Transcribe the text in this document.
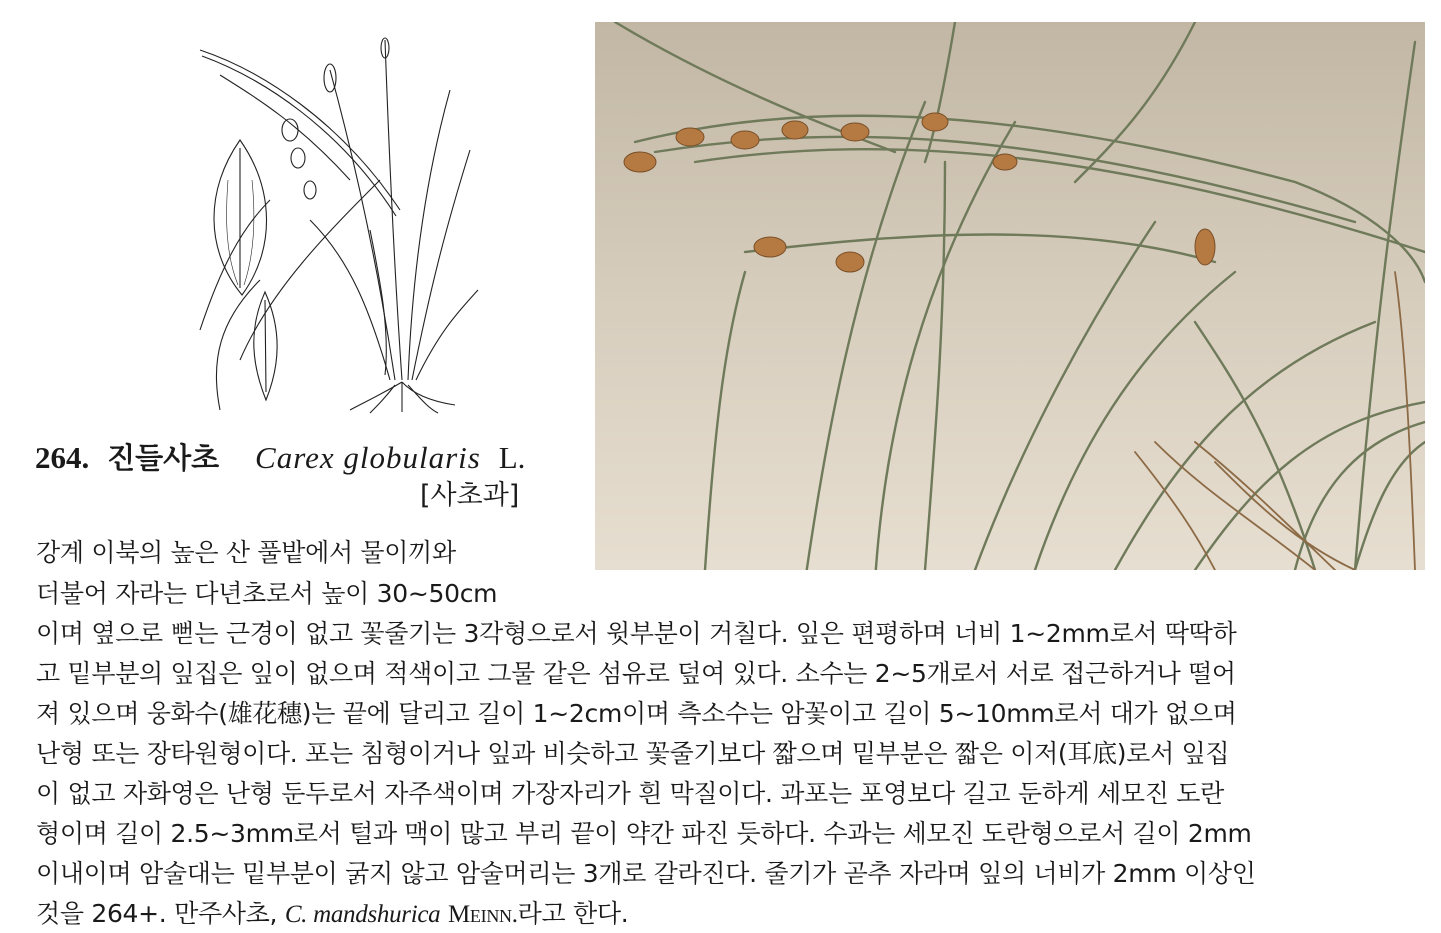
264. 진들사초 Carex globularis L.
[사초과]
강계 이북의 높은 산 풀밭에서 물이끼와
더불어 자라는 다년초로서 높이 30~50cm
이며 옆으로 뻗는 근경이 없고 꽃줄기는 3각형으로서 윗부분이 거칠다. 잎은 편평하며 너비 1~2mm로서 딱딱하
고 밑부분의 잎집은 잎이 없으며 적색이고 그물 같은 섬유로 덮여 있다. 소수는 2~5개로서 서로 접근하거나 떨어
져 있으며 웅화수(雄花穗)는 끝에 달리고 길이 1~2cm이며 측소수는 암꽃이고 길이 5~10mm로서 대가 없으며
난형 또는 장타원형이다. 포는 침형이거나 잎과 비슷하고 꽃줄기보다 짧으며 밑부분은 짧은 이저(耳底)로서 잎집
이 없고 자화영은 난형 둔두로서 자주색이며 가장자리가 흰 막질이다. 과포는 포영보다 길고 둔하게 세모진 도란
형이며 길이 2.5~3mm로서 털과 맥이 많고 부리 끝이 약간 파진 듯하다. 수과는 세모진 도란형으로서 길이 2mm
이내이며 암술대는 밑부분이 굵지 않고 암술머리는 3개로 갈라진다. 줄기가 곧추 자라며 잎의 너비가 2mm 이상인
것을 264+. 만주사초, C. mandshurica Meinn.라고 한다.
